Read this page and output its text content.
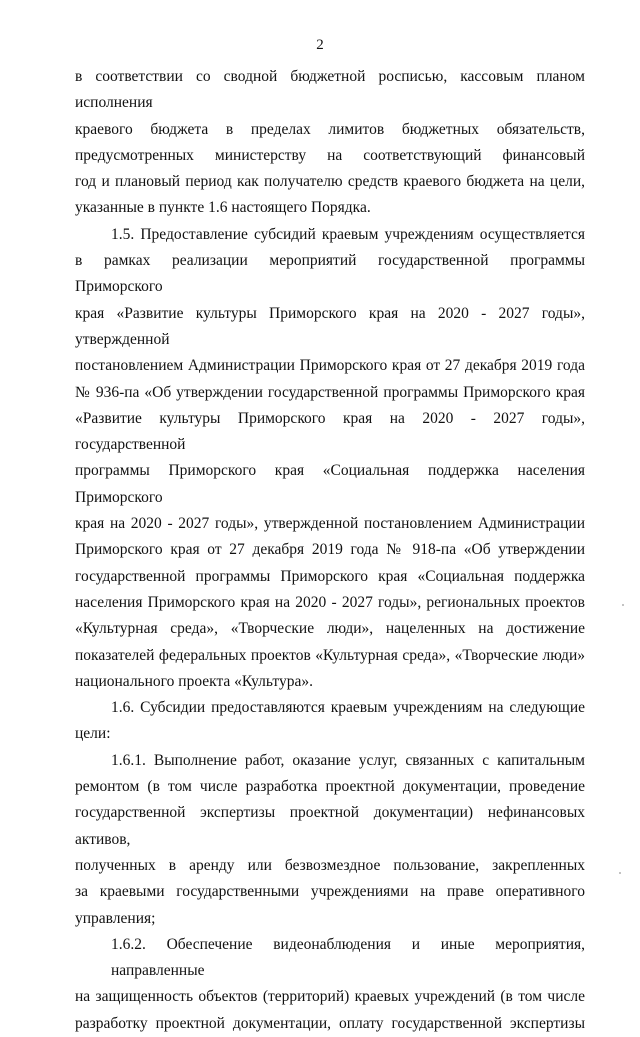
2
в соответствии со сводной бюджетной росписью, кассовым планом исполнения
краевого бюджета в пределах лимитов бюджетных обязательств,
предусмотренных министерству на соответствующий финансовый
год и плановый период как получателю средств краевого бюджета на цели,
указанные в пункте 1.6 настоящего Порядка.
1.5. Предоставление субсидий краевым учреждениям осуществляется
в рамках реализации мероприятий государственной программы Приморского
края «Развитие культуры Приморского края на 2020 - 2027 годы», утвержденной
постановлением Администрации Приморского края от 27 декабря 2019 года
№ 936-па «Об утверждении государственной программы Приморского края
«Развитие культуры Приморского края на 2020 - 2027 годы», государственной
программы Приморского края «Социальная поддержка населения Приморского
края на 2020 - 2027 годы», утвержденной постановлением Администрации
Приморского края от 27 декабря 2019 года № 918-па «Об утверждении
государственной программы Приморского края «Социальная поддержка
населения Приморского края на 2020 - 2027 годы», региональных проектов
«Культурная среда», «Творческие люди», нацеленных на достижение
показателей федеральных проектов «Культурная среда», «Творческие люди»
национального проекта «Культура».
1.6. Субсидии предоставляются краевым учреждениям на следующие
цели:
1.6.1. Выполнение работ, оказание услуг, связанных с капитальным
ремонтом (в том числе разработка проектной документации, проведение
государственной экспертизы проектной документации) нефинансовых активов,
полученных в аренду или безвозмездное пользование, закрепленных
за краевыми государственными учреждениями на праве оперативного
управления;
1.6.2. Обеспечение видеонаблюдения и иные мероприятия, направленные
на защищенность объектов (территорий) краевых учреждений (в том числе
разработку проектной документации, оплату государственной экспертизы
